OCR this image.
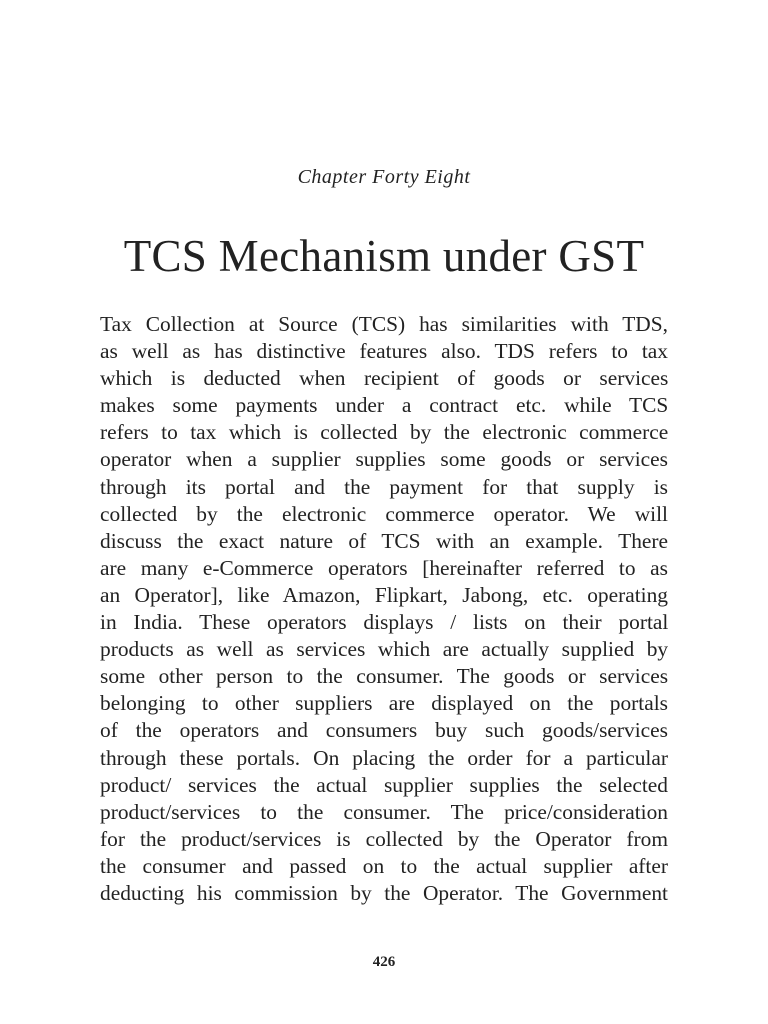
Chapter Forty Eight
TCS Mechanism under GST
Tax Collection at Source (TCS) has similarities with TDS,
as well as has distinctive features also. TDS refers to tax
which is deducted when recipient of goods or services
makes some payments under a contract etc. while TCS
refers to tax which is collected by the electronic commerce
operator when a supplier supplies some goods or services
through its portal and the payment for that supply is
collected by the electronic commerce operator. We will
discuss the exact nature of TCS with an example. There
are many e-Commerce operators [hereinafter referred to as
an Operator], like Amazon, Flipkart, Jabong, etc. operating
in India. These operators displays / lists on their portal
products as well as services which are actually supplied by
some other person to the consumer. The goods or services
belonging to other suppliers are displayed on the portals
of the operators and consumers buy such goods/services
through these portals. On placing the order for a particular
product/ services the actual supplier supplies the selected
product/services to the consumer. The price/consideration
for the product/services is collected by the Operator from
the consumer and passed on to the actual supplier after
deducting his commission by the Operator. The Government
426
